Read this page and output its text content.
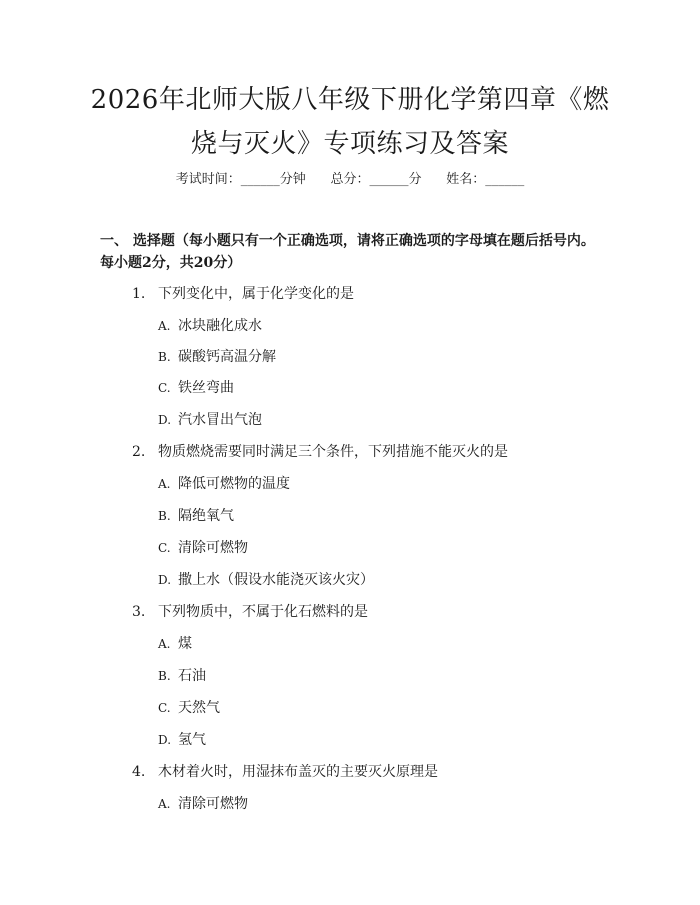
2026年北师大版八年级下册化学第四章《燃
烧与灭火》专项练习及答案
考试时间：______分钟      总分：______分      姓名：______
一、 选择题（每小题只有一个正确选项，请将正确选项的字母填在题后括号内。
每小题2分，共20分）
1. 下列变化中，属于化学变化的是
A. 冰块融化成水
B. 碳酸钙高温分解
C. 铁丝弯曲
D. 汽水冒出气泡
2. 物质燃烧需要同时满足三个条件，下列措施不能灭火的是
A. 降低可燃物的温度
B. 隔绝氧气
C. 清除可燃物
D. 撒上水（假设水能浇灭该火灾）
3. 下列物质中，不属于化石燃料的是
A. 煤
B. 石油
C. 天然气
D. 氢气
4. 木材着火时，用湿抹布盖灭的主要灭火原理是
A. 清除可燃物
